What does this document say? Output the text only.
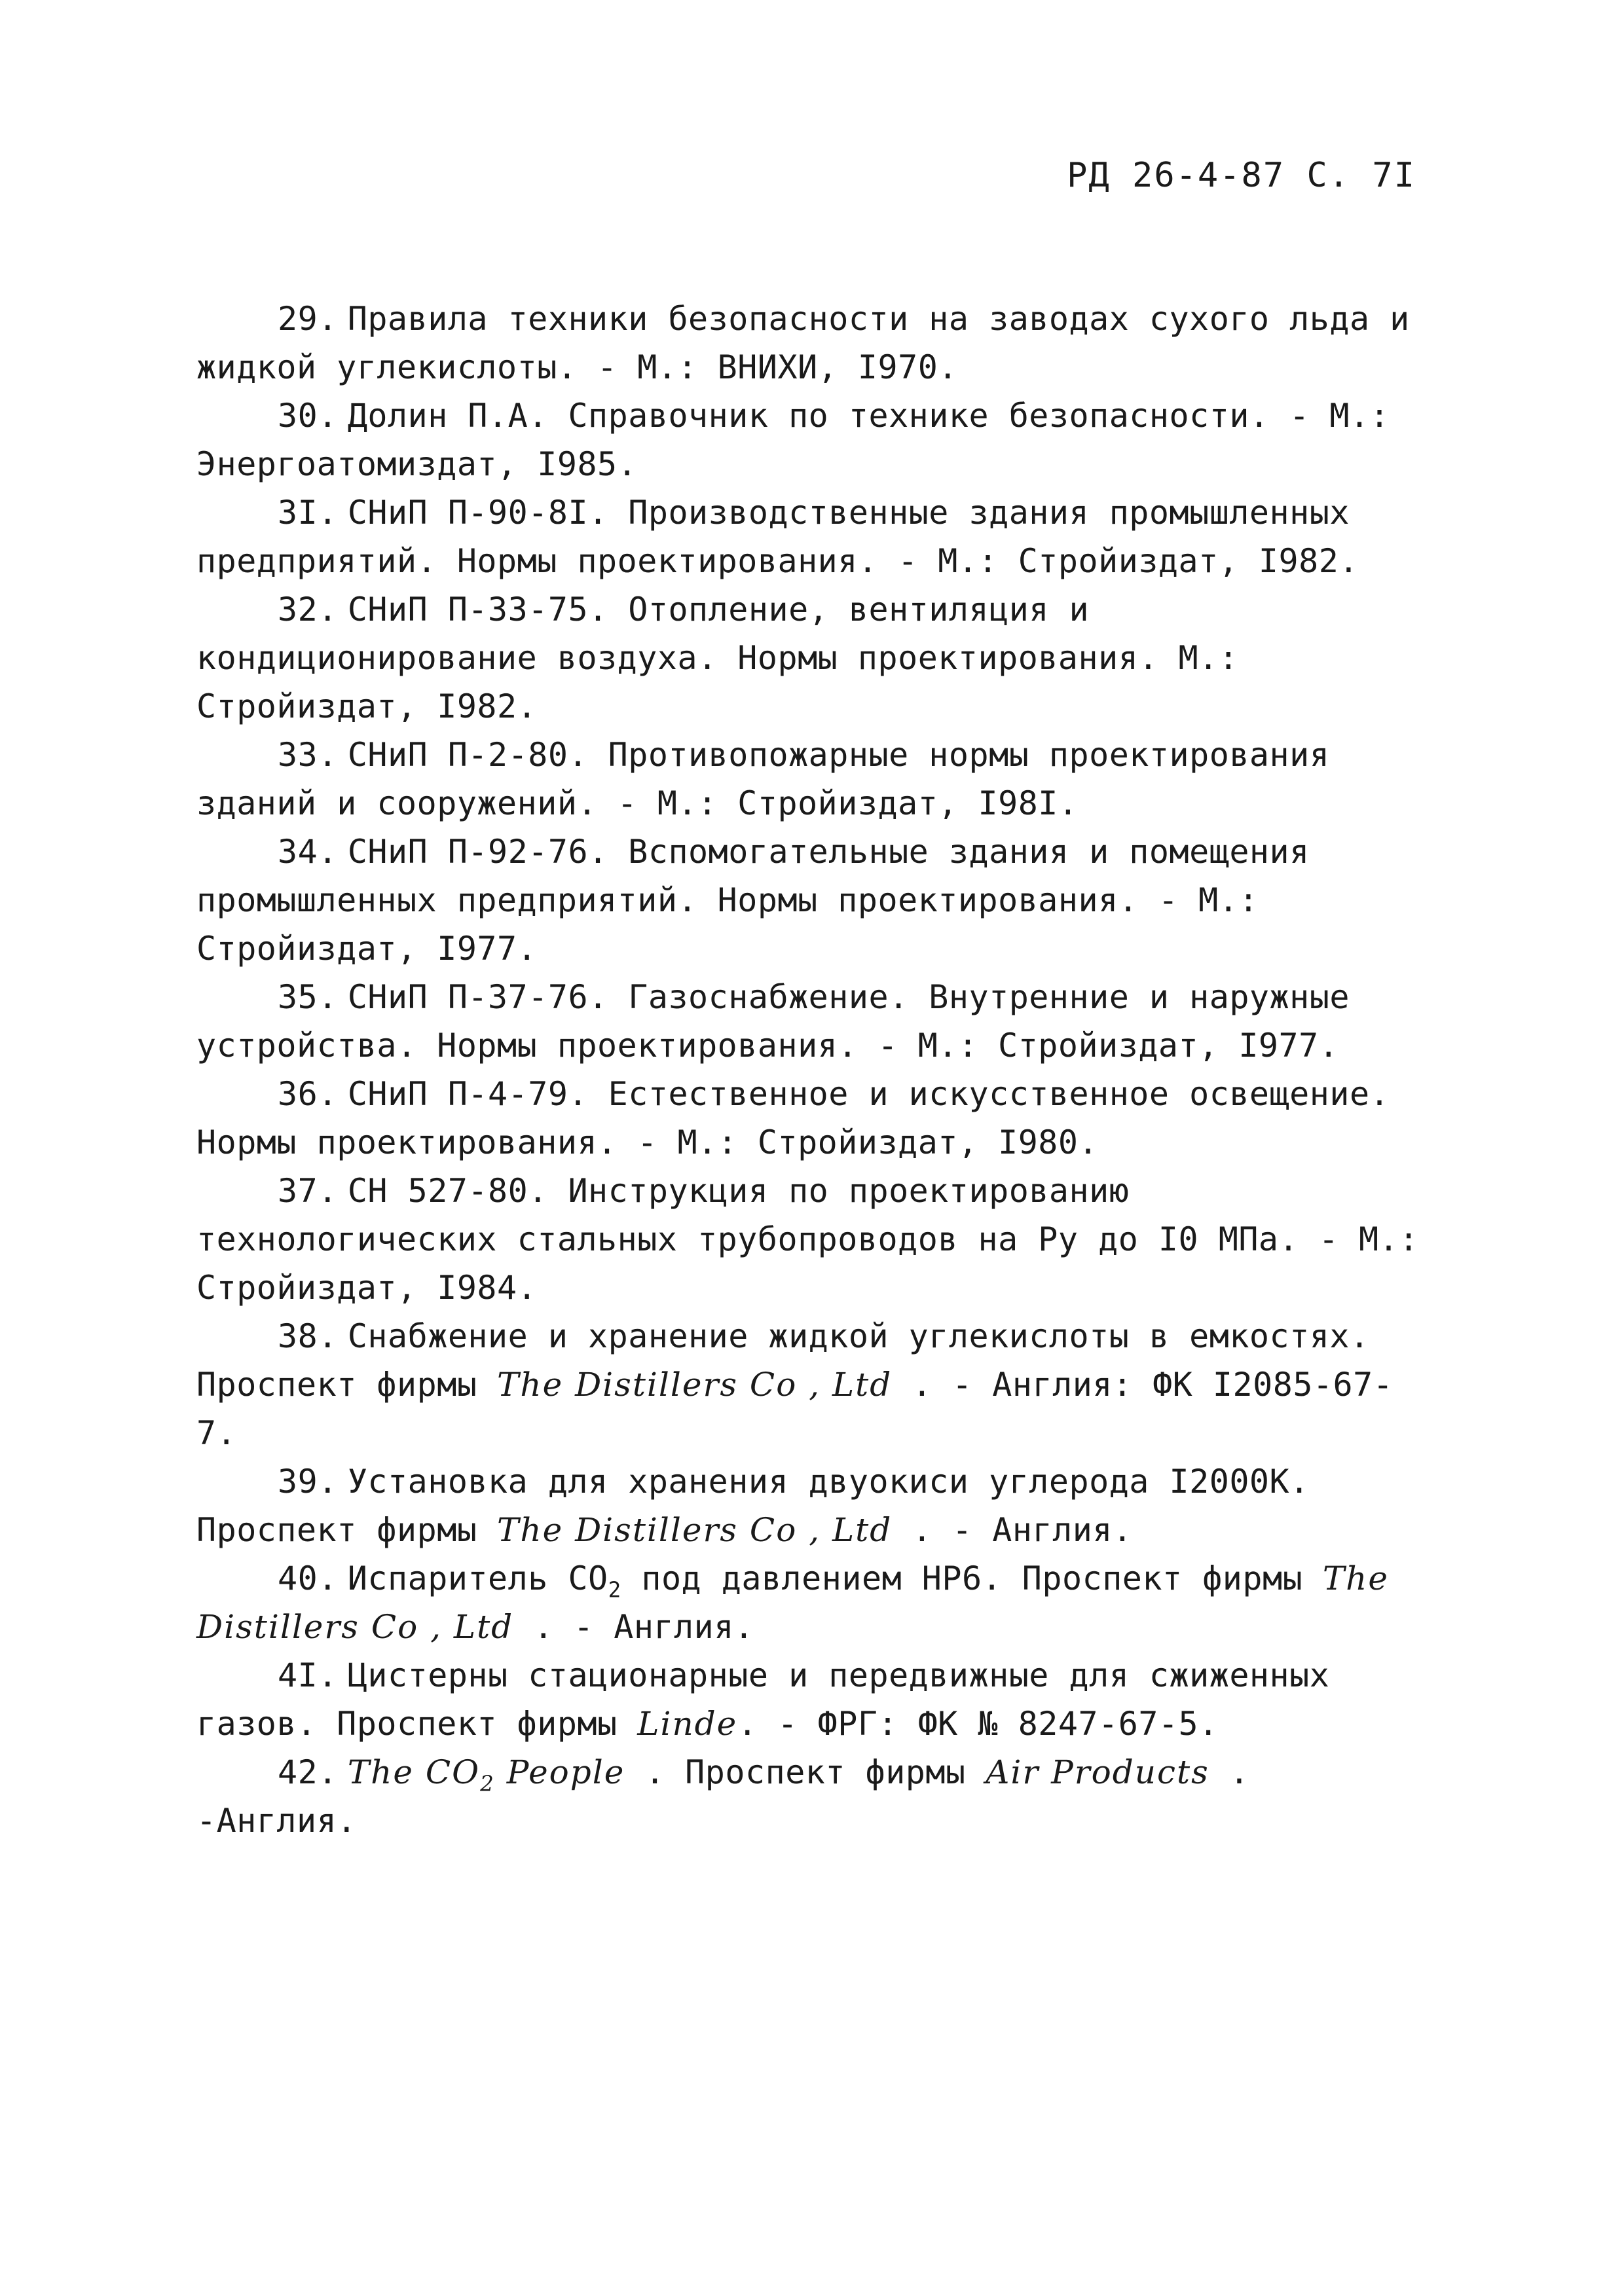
РД 26-4-87 С. 7I

29. Правила техники безопасности на заводах сухого льда и жидкой углекислоты. - М.: ВНИХИ, I970.

30. Долин П.А. Справочник по технике безопасности. - М.: Энергоатомиздат, I985.

3I. СНиП П-90-8I. Производственные здания промышленных предприятий. Нормы проектирования. - М.: Стройиздат, I982.

32. СНиП П-33-75. Отопление, вентиляция и кондиционирование воздуха. Нормы проектирования. М.: Стройиздат, I982.

33. СНиП П-2-80. Противопожарные нормы проектирования зданий и сооружений. - М.: Стройиздат, I98I.

34. СНиП П-92-76. Вспомогательные здания и помещения промышленных предприятий. Нормы проектирования. - М.: Стройиздат, I977.

35. СНиП П-37-76. Газоснабжение. Внутренние и наружные устройства. Нормы проектирования. - М.: Стройиздат, I977.

36. СНиП П-4-79. Естественное и искусственное освещение. Нормы проектирования. - М.: Стройиздат, I980.

37. СН 527-80. Инструкция по проектированию технологических стальных трубопроводов на Ру до I0 МПа. - М.: Стройиздат, I984.

38. Снабжение и хранение жидкой углекислоты в емкостях. Проспект фирмы The Distillers Co , Ltd . - Англия: ФК I2085-67-7.

39. Установка для хранения двуокиси углерода I2000К. Проспект фирмы The Distillers Co , Ltd . - Англия.

40. Испаритель $СО_2$ под давлением НР6. Проспект фирмы The Distillers Co , Ltd . - Англия.

4I. Цистерны стационарные и передвижные для сжиженных газов. Проспект фирмы Linde. - ФРГ: ФК № 8247-67-5.

42. The $CO_2$ People . Проспект фирмы Air Products . -Англия.
